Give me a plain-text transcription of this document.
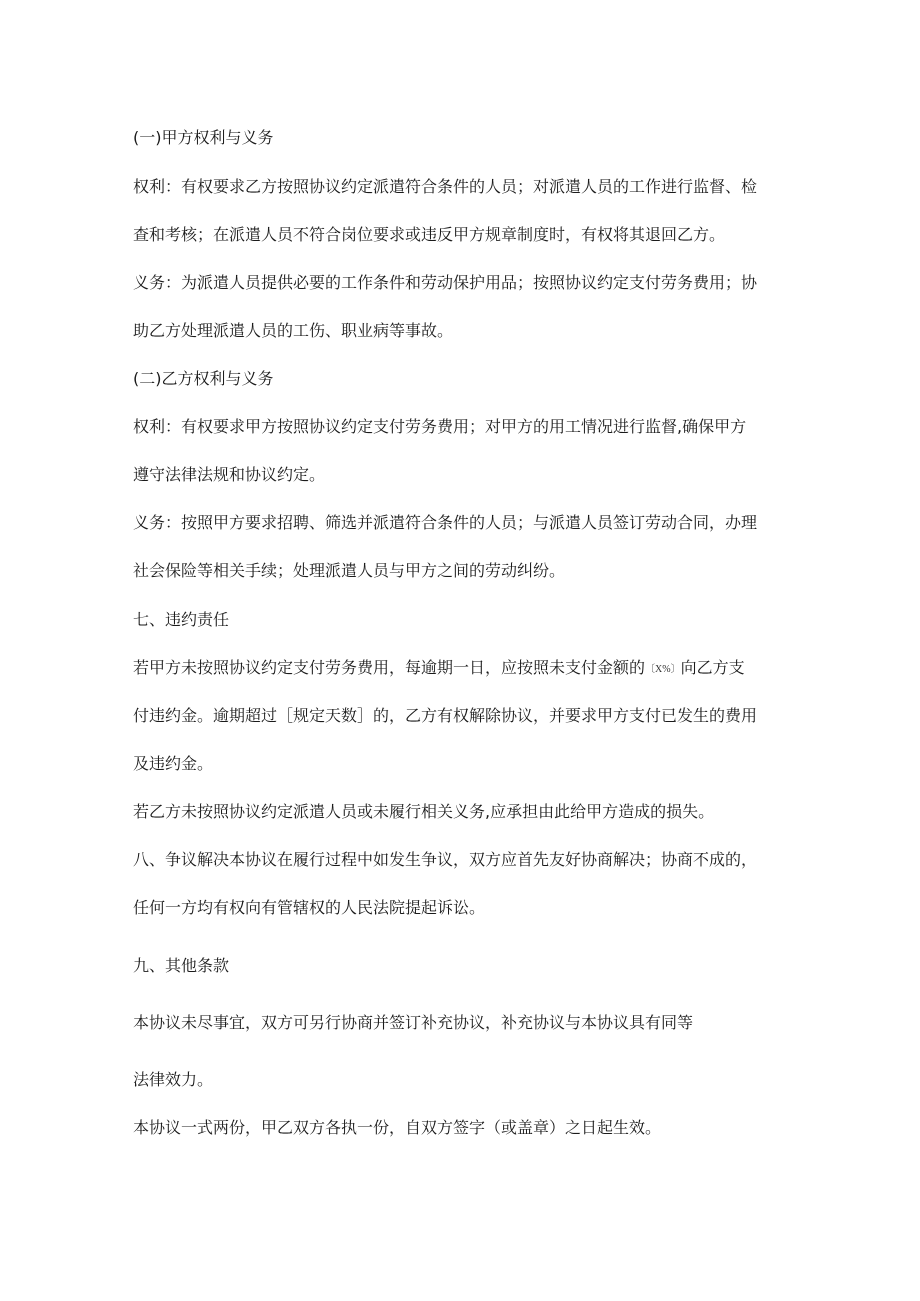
(一)甲方权利与义务
权利：有权要求乙方按照协议约定派遣符合条件的人员；对派遣人员的工作进行监督、检
查和考核；在派遣人员不符合岗位要求或违反甲方规章制度时，有权将其退回乙方。
义务：为派遣人员提供必要的工作条件和劳动保护用品；按照协议约定支付劳务费用；协
助乙方处理派遣人员的工伤、职业病等事故。
(二)乙方权利与义务
权利：有权要求甲方按照协议约定支付劳务费用；对甲方的用工情况进行监督,确保甲方
遵守法律法规和协议约定。
义务：按照甲方要求招聘、筛选并派遣符合条件的人员；与派遣人员签订劳动合同，办理
社会保险等相关手续；处理派遣人员与甲方之间的劳动纠纷。
七、违约责任
若甲方未按照协议约定支付劳务费用，每逾期一日，应按照未支付金额的〔X%〕向乙方支
付违约金。逾期超过［规定天数］的，乙方有权解除协议，并要求甲方支付已发生的费用
及违约金。
若乙方未按照协议约定派遣人员或未履行相关义务,应承担由此给甲方造成的损失。
八、争议解决本协议在履行过程中如发生争议，双方应首先友好协商解决；协商不成的，
任何一方均有权向有管辖权的人民法院提起诉讼。
九、其他条款
本协议未尽事宜，双方可另行协商并签订补充协议，补充协议与本协议具有同等
法律效力。
本协议一式两份，甲乙双方各执一份，自双方签字（或盖章）之日起生效。
